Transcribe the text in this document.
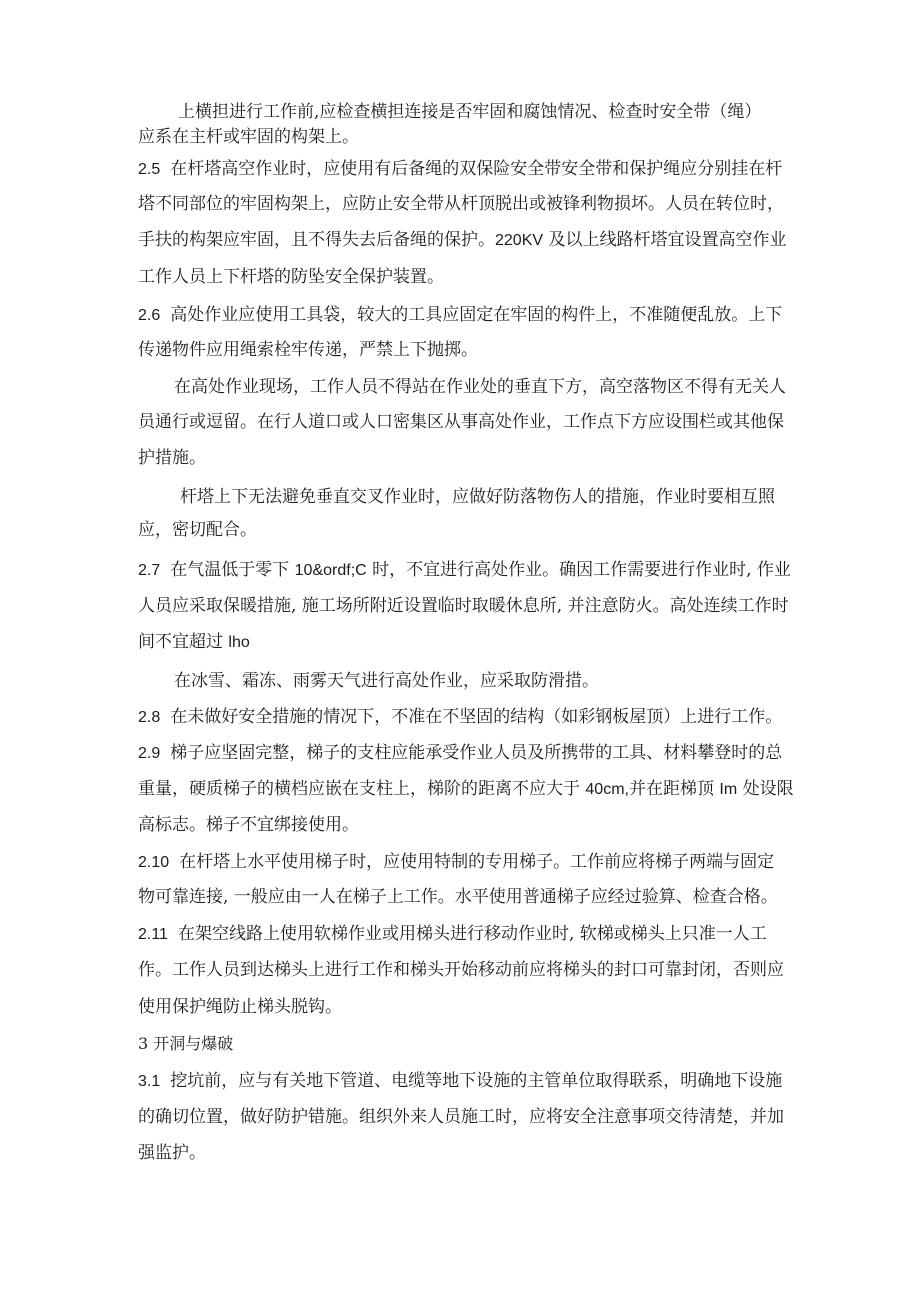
上横担进行工作前,应检查横担连接是否牢固和腐蚀情况、检查时安全带（绳）

应系在主杆或牢固的构架上。

2.5 在杆塔高空作业时，应使用有后备绳的双保险安全带安全带和保护绳应分别挂在杆

塔不同部位的牢固构架上，应防止安全带从杆顶脱出或被锋利物损坏。人员在转位时，

手扶的构架应牢固，且不得失去后备绳的保护。220KV 及以上线路杆塔宜设置高空作业

工作人员上下杆塔的防坠安全保护装置。

2.6 高处作业应使用工具袋，较大的工具应固定在牢固的构件上，不准随便乱放。上下

传递物件应用绳索栓牢传递，严禁上下抛掷。

在高处作业现场，工作人员不得站在作业处的垂直下方，高空落物区不得有无关人

员通行或逗留。在行人道口或人口密集区从事高处作业，工作点下方应设围栏或其他保

护措施。

杆塔上下无法避免垂直交叉作业时，应做好防落物伤人的措施，作业时要相互照

应，密切配合。

2.7 在气温低于零下 10&ordf;C 时，不宜进行高处作业。确因工作需要进行作业时, 作业

人员应采取保暖措施, 施工场所附近设置临时取暖休息所, 并注意防火。高处连续工作时

间不宜超过 lho

在冰雪、霜冻、雨雾天气进行高处作业，应采取防滑措。

2.8 在未做好安全措施的情况下，不准在不坚固的结构（如彩钢板屋顶）上进行工作。

2.9 梯子应坚固完整，梯子的支柱应能承受作业人员及所携带的工具、材料攀登时的总

重量，硬质梯子的横档应嵌在支柱上，梯阶的距离不应大于 40cm,并在距梯顶 Im 处设限

高标志。梯子不宜绑接使用。

2.10 在杆塔上水平使用梯子时，应使用特制的专用梯子。工作前应将梯子两端与固定

物可靠连接, 一般应由一人在梯子上工作。水平使用普通梯子应经过验算、检查合格。

2.11 在架空线路上使用软梯作业或用梯头进行移动作业时, 软梯或梯头上只准一人工

作。工作人员到达梯头上进行工作和梯头开始移动前应将梯头的封口可靠封闭，否则应

使用保护绳防止梯头脱钩。

3 开洞与爆破

3.1 挖坑前，应与有关地下管道、电缆等地下设施的主管单位取得联系，明确地下设施

的确切位置，做好防护错施。组织外来人员施工时，应将安全注意事项交待清楚，并加

强监护。
